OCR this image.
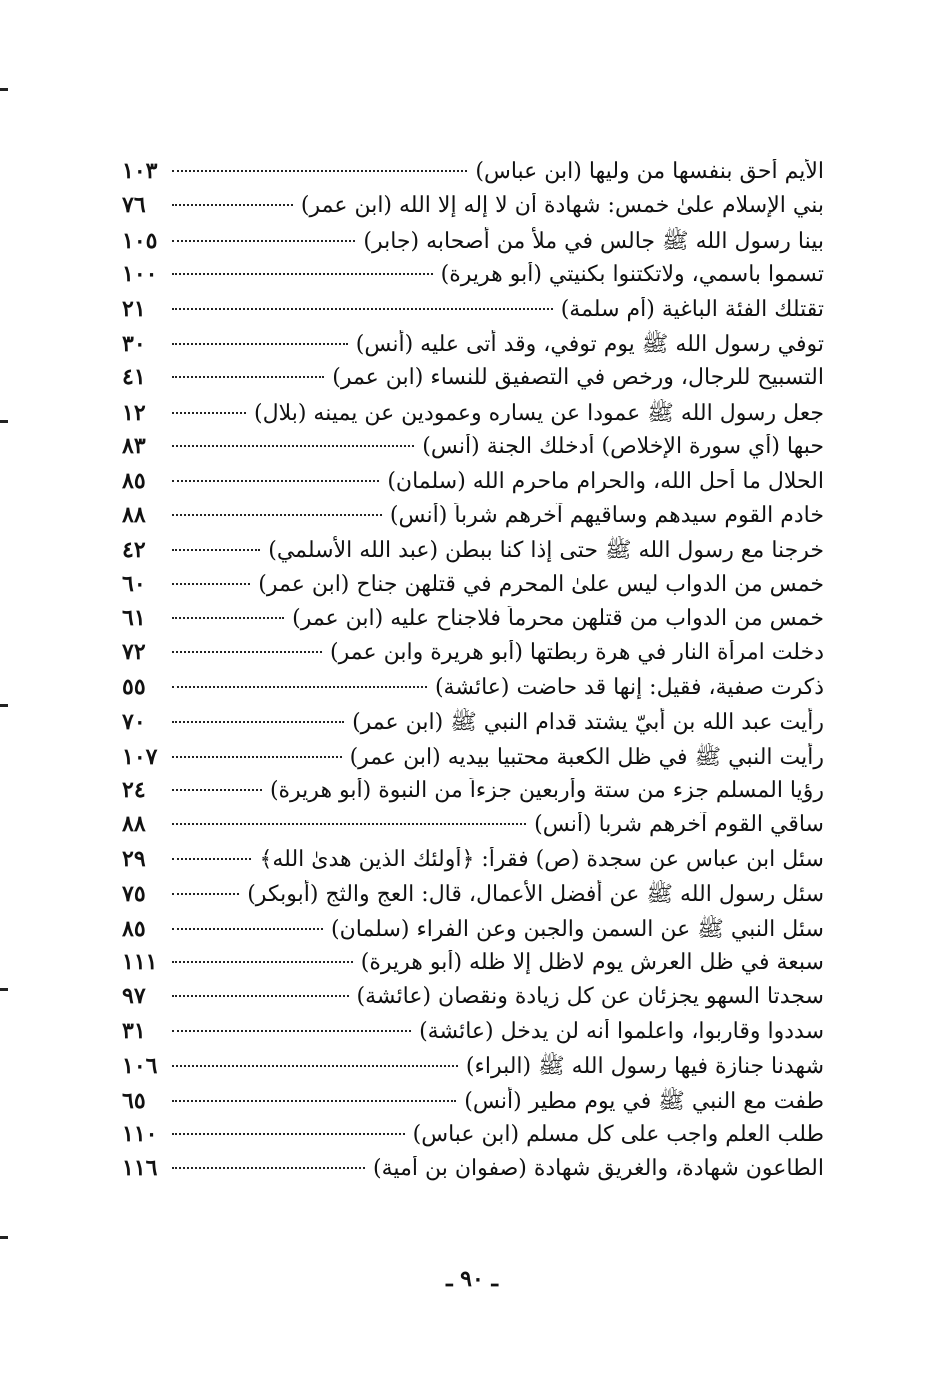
الأيم أحق بنفسها من وليها (ابن عباس)
١٠٣
بني الإسلام علىٰ خمس: شهادة أن لا إله إلا الله (ابن عمر)
٧٦
بينا رسول الله ﷺ جالس في ملأ من أصحابه (جابر)
١٠٥
تسموا باسمي، ولاتكتنوا بكنيتي (أبو هريرة)
١٠٠
تقتلك الفئة الباغية (أم سلمة)
٢١
توفي رسول الله ﷺ يوم توفي، وقد أتى عليه (أنس)
٣٠
التسبيح للرجال، ورخص في التصفيق للنساء (ابن عمر)
٤١
جعل رسول الله ﷺ عمودا عن يساره وعمودين عن يمينه (بلال)
١٢
حبها (أي سورة الإخلاص) أدخلك الجنة (أنس)
٨٣
الحلال ما أحل الله، والحرام ماحرم الله (سلمان)
٨٥
خادم القوم سيدهم وساقيهم آخرهم شرباً (أنس)
٨٨
خرجنا مع رسول الله ﷺ حتى إذا كنا ببطن (عبد الله الأسلمي)
٤٢
خمس من الدواب ليس علىٰ المحرم في قتلهن جناح (ابن عمر)
٦٠
خمس من الدواب من قتلهن محرماً فلاجناح عليه (ابن عمر)
٦١
دخلت امرأة النار في هرة ربطتها (أبو هريرة وابن عمر)
٧٢
ذكرت صفية، فقيل: إنها قد حاضت (عائشة)
٥٥
رأيت عبد الله بن أبيّ يشتد قدام النبي ﷺ (ابن عمر)
٧٠
رأيت النبي ﷺ في ظل الكعبة محتبيا بيديه (ابن عمر)
١٠٧
رؤيا المسلم جزء من ستة وأربعين جزءاً من النبوة (أبو هريرة)
٢٤
ساقي القوم آخرهم شربا (أنس)
٨٨
سئل ابن عباس عن سجدة (ص) فقرأ: ﴿أولئك الذين هدىٰ الله﴾
٢٩
سئل رسول الله ﷺ عن أفضل الأعمال، قال: العج والثج (أبوبكر)
٧٥
سئل النبي ﷺ عن السمن والجبن وعن الفراء (سلمان)
٨٥
سبعة في ظل العرش يوم لاظل إلا ظله (أبو هريرة)
١١١
سجدتا السهو يجزئان عن كل زيادة ونقصان (عائشة)
٩٧
سددوا وقاربوا، واعلموا أنه لن يدخل (عائشة)
٣١
شهدنا جنازة فيها رسول الله ﷺ (البراء)
١٠٦
طفت مع النبي ﷺ في يوم مطير (أنس)
٦٥
طلب العلم واجب على كل مسلم (ابن عباس)
١١٠
الطاعون شهادة، والغريق شهادة (صفوان بن أمية)
١١٦
ـ ٩٠ ـ
